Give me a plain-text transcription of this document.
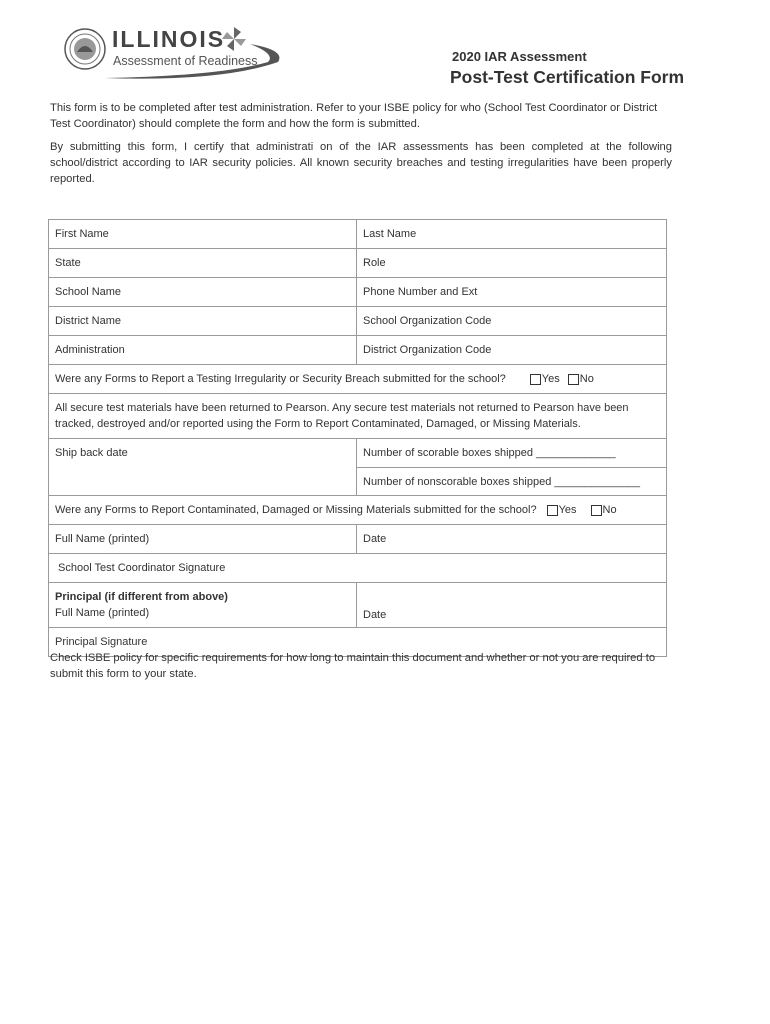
ILLINOIS
Assessment of Readiness	2020 IAR Assessment
Post-Test Certification Form
This form is to be completed after test administration. Refer to your ISBE policy for who (School Test Coordinator or District Test Coordinator) should complete the form and how the form is submitted.
By submitting this form, I certify that administrati on of the IAR assessments has been completed at the following school/district according to IAR security policies. All known security breaches and testing irregularities have been properly reported.
First Name	Last Name
State	Role
School Name	Phone Number and Ext
District Name	School Organization Code
Administration	District Organization Code
Were any Forms to Report a Testing Irregularity or Security Breach submitted for the school?	Yes No
All secure test materials have been returned to Pearson. Any secure test materials not returned to Pearson have been tracked, destroyed and/or reported using the Form to Report Contaminated, Damaged, or Missing Materials.
Ship back date	Number of scorable boxes shipped _____________
Number of nonscorable boxes shipped ______________
Were any Forms to Report Contaminated, Damaged or Missing Materials submitted for the school? Yes No
Full Name (printed)	Date
School Test Coordinator Signature
Principal (if different from above)
Full Name (printed)	Date
Principal Signature
Check ISBE policy for specific requirements for how long to maintain this document and whether or not you are required to submit this form to your state.
